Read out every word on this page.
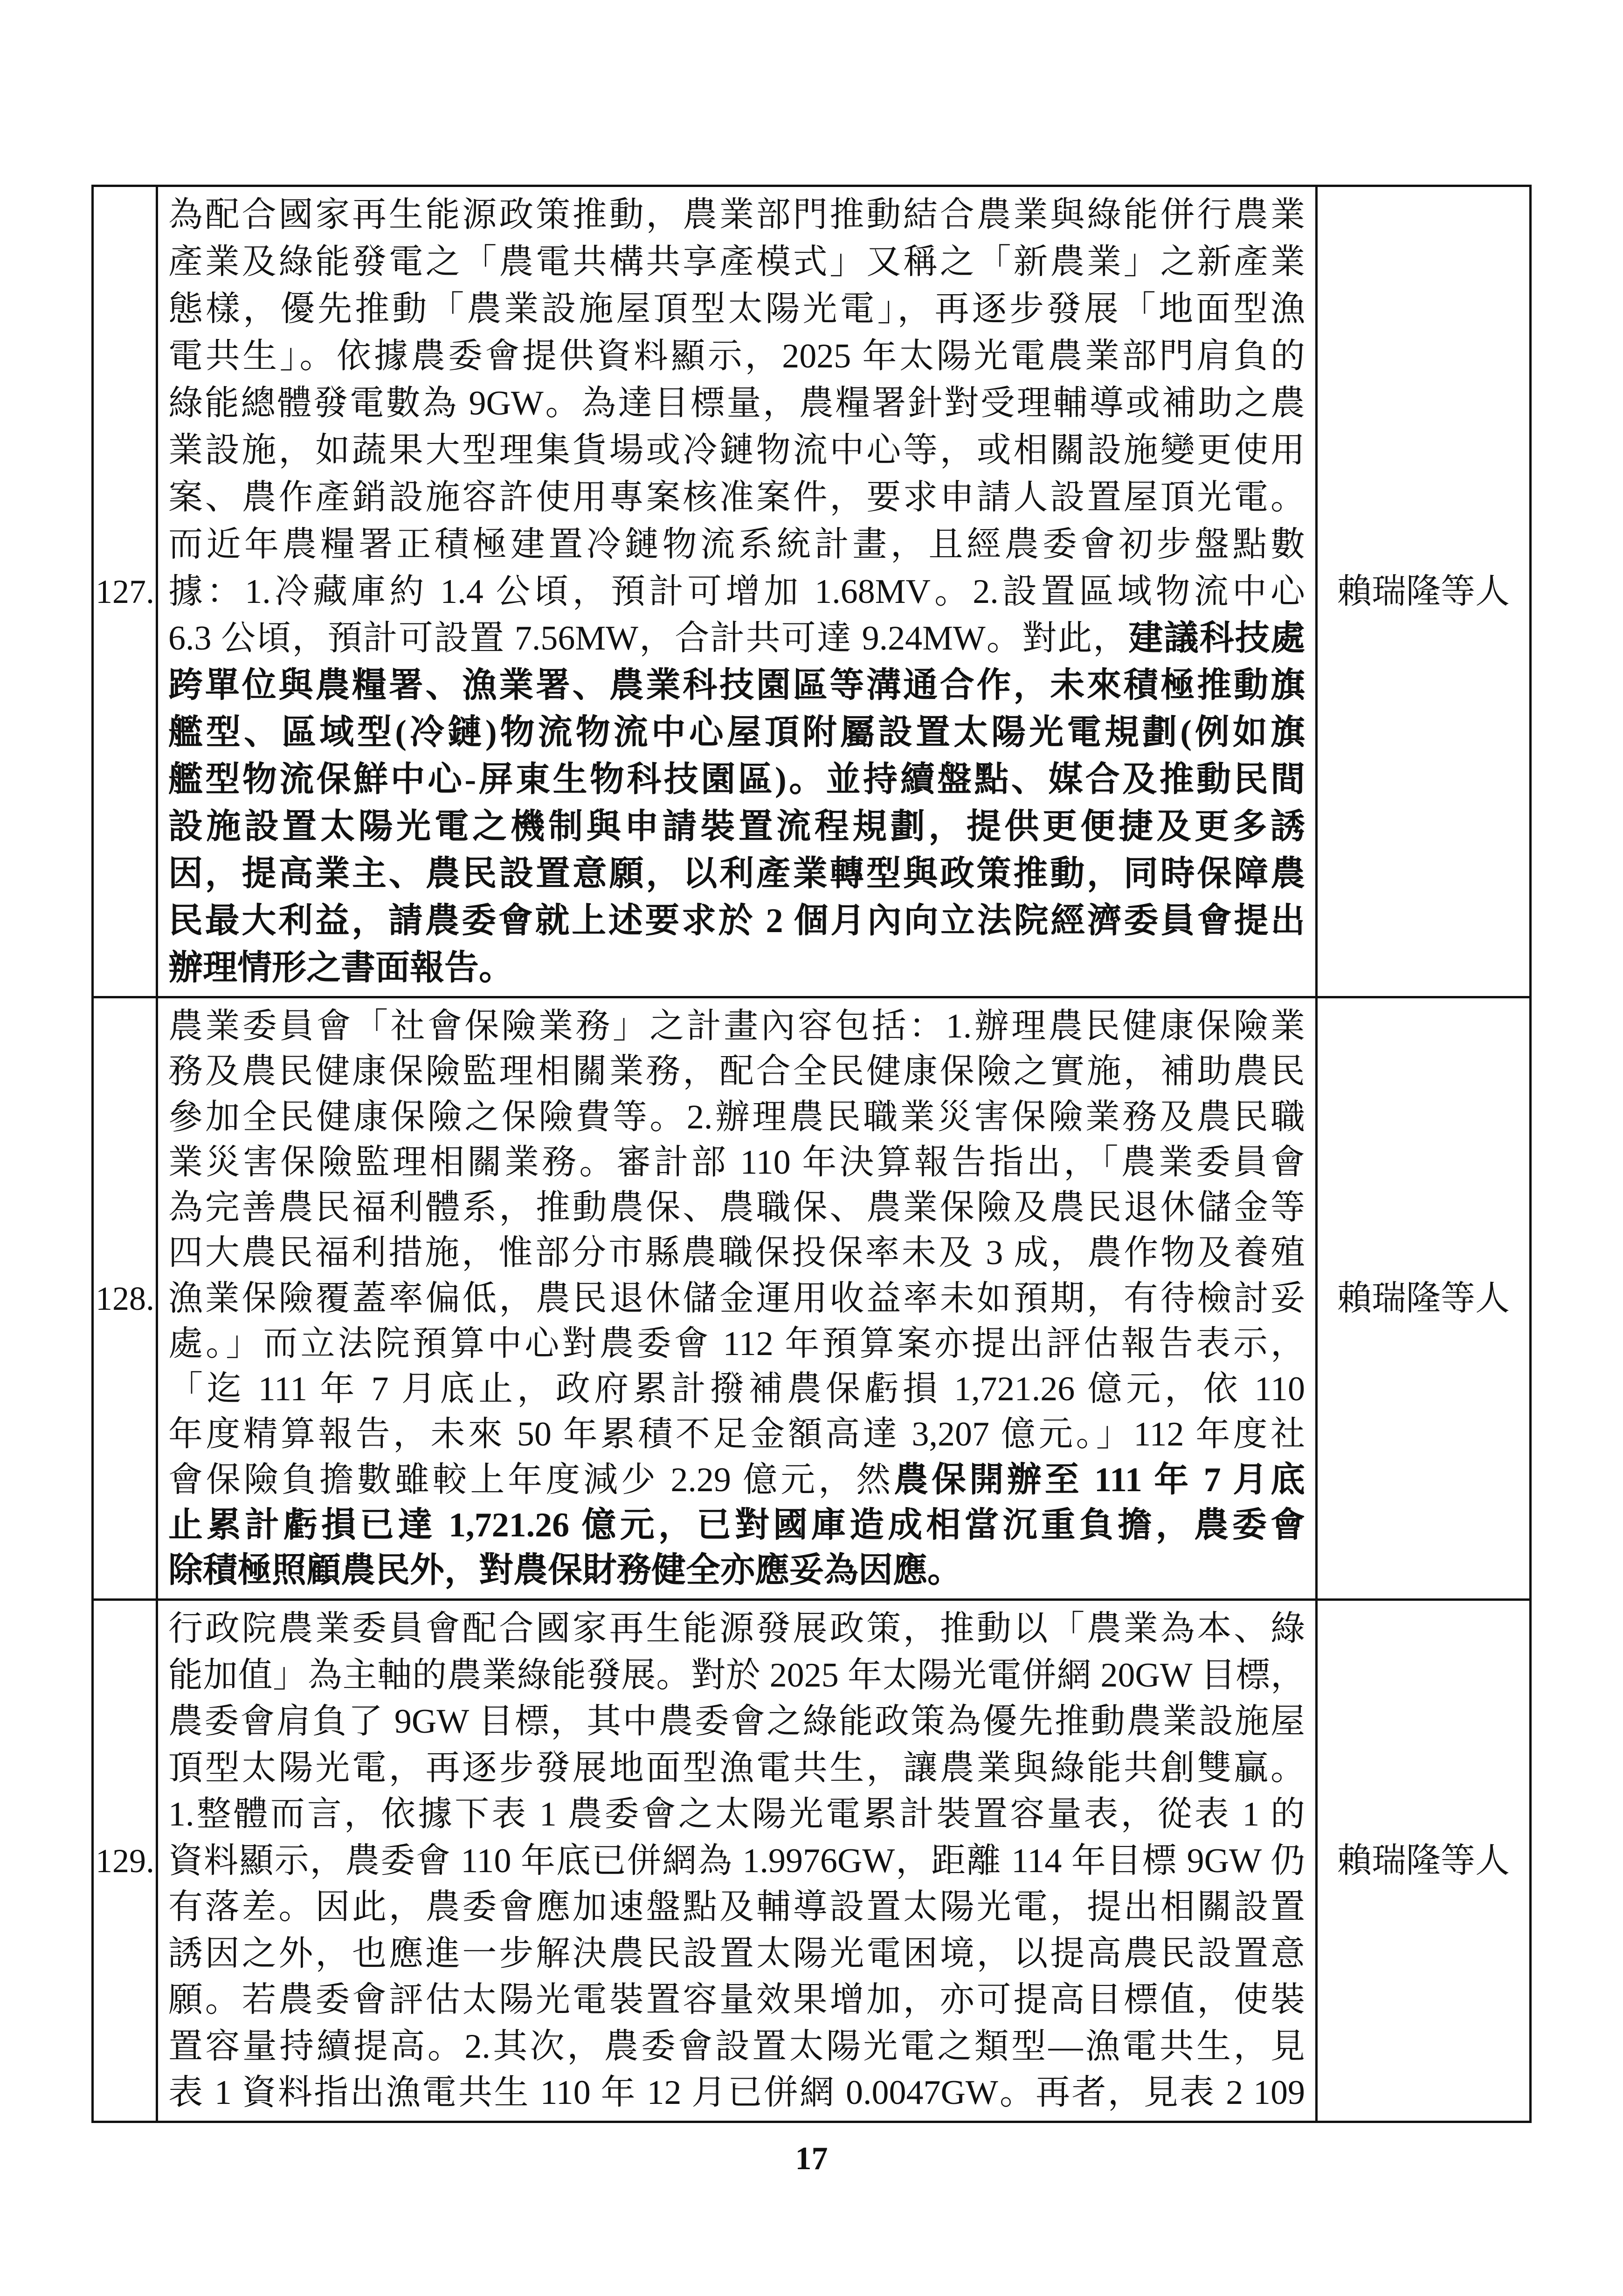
127.
為配合國家再生能源政策推動，農業部門推動結合農業與綠能併行農業
產業及綠能發電之「農電共構共享產模式」又稱之「新農業」之新產業
態樣，優先推動「農業設施屋頂型太陽光電」，再逐步發展「地面型漁
電共生」。依據農委會提供資料顯示，2025 年太陽光電農業部門肩負的
綠能總體發電數為 9GW。為達目標量，農糧署針對受理輔導或補助之農
業設施，如蔬果大型理集貨場或冷鏈物流中心等，或相關設施變更使用
案、農作產銷設施容許使用專案核准案件，要求申請人設置屋頂光電。
而近年農糧署正積極建置冷鏈物流系統計畫，且經農委會初步盤點數
據：1.冷藏庫約 1.4 公頃，預計可增加 1.68MV。2.設置區域物流中心
6.3 公頃，預計可設置 7.56MW，合計共可達 9.24MW。對此，建議科技處
跨單位與農糧署、漁業署、農業科技園區等溝通合作，未來積極推動旗
艦型、區域型(冷鏈)物流物流中心屋頂附屬設置太陽光電規劃(例如旗
艦型物流保鮮中心-屏東生物科技園區)。並持續盤點、媒合及推動民間
設施設置太陽光電之機制與申請裝置流程規劃，提供更便捷及更多誘
因，提高業主、農民設置意願，以利產業轉型與政策推動，同時保障農
民最大利益，請農委會就上述要求於 2 個月內向立法院經濟委員會提出
辦理情形之書面報告。
賴瑞隆等人
128.
農業委員會「社會保險業務」之計畫內容包括：1.辦理農民健康保險業
務及農民健康保險監理相關業務，配合全民健康保險之實施，補助農民
參加全民健康保險之保險費等。2.辦理農民職業災害保險業務及農民職
業災害保險監理相關業務。審計部 110 年決算報告指出，「農業委員會
為完善農民福利體系，推動農保、農職保、農業保險及農民退休儲金等
四大農民福利措施，惟部分市縣農職保投保率未及 3 成，農作物及養殖
漁業保險覆蓋率偏低，農民退休儲金運用收益率未如預期，有待檢討妥
處。」而立法院預算中心對農委會 112 年預算案亦提出評估報告表示，
「迄 111 年 7 月底止，政府累計撥補農保虧損 1,721.26 億元，依 110
年度精算報告，未來 50 年累積不足金額高達 3,207 億元。」112 年度社
會保險負擔數雖較上年度減少 2.29 億元，然農保開辦至 111 年 7 月底
止累計虧損已達 1,721.26 億元，已對國庫造成相當沉重負擔，農委會
除積極照顧農民外，對農保財務健全亦應妥為因應。
賴瑞隆等人
129.
行政院農業委員會配合國家再生能源發展政策，推動以「農業為本、綠
能加值」為主軸的農業綠能發展。對於 2025 年太陽光電併網 20GW 目標，
農委會肩負了 9GW 目標，其中農委會之綠能政策為優先推動農業設施屋
頂型太陽光電，再逐步發展地面型漁電共生，讓農業與綠能共創雙贏。
1.整體而言，依據下表 1 農委會之太陽光電累計裝置容量表，從表 1 的
資料顯示，農委會 110 年底已併網為 1.9976GW，距離 114 年目標 9GW 仍
有落差。因此，農委會應加速盤點及輔導設置太陽光電，提出相關設置
誘因之外，也應進一步解決農民設置太陽光電困境，以提高農民設置意
願。若農委會評估太陽光電裝置容量效果增加，亦可提高目標值，使裝
置容量持續提高。2.其次，農委會設置太陽光電之類型—漁電共生，見
表 1 資料指出漁電共生 110 年 12 月已併網 0.0047GW。再者，見表 2 109
賴瑞隆等人
17
